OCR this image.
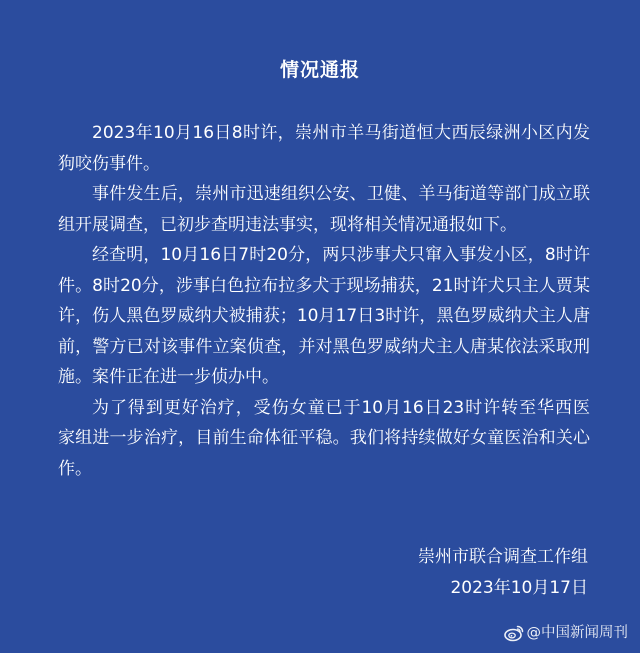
情况通报
2023年10月16日8时许，崇州市羊马街道恒大西辰绿洲小区内发
狗咬伤事件。
事件发生后，崇州市迅速组织公安、卫健、羊马街道等部门成立联
组开展调查，已初步查明违法事实，现将相关情况通报如下。
经查明，10月16日7时20分，两只涉事犬只窜入事发小区，8时许
件。8时20分，涉事白色拉布拉多犬于现场捕获，21时许犬只主人贾某
许，伤人黑色罗威纳犬被捕获；10月17日3时许，黑色罗威纳犬主人唐
前，警方已对该事件立案侦查，并对黑色罗威纳犬主人唐某依法采取刑
施。案件正在进一步侦办中。
为了得到更好治疗，受伤女童已于10月16日23时许转至华西医
家组进一步治疗，目前生命体征平稳。我们将持续做好女童医治和关心
作。
崇州市联合调查工作组
2023年10月17日
@中国新闻周刊
